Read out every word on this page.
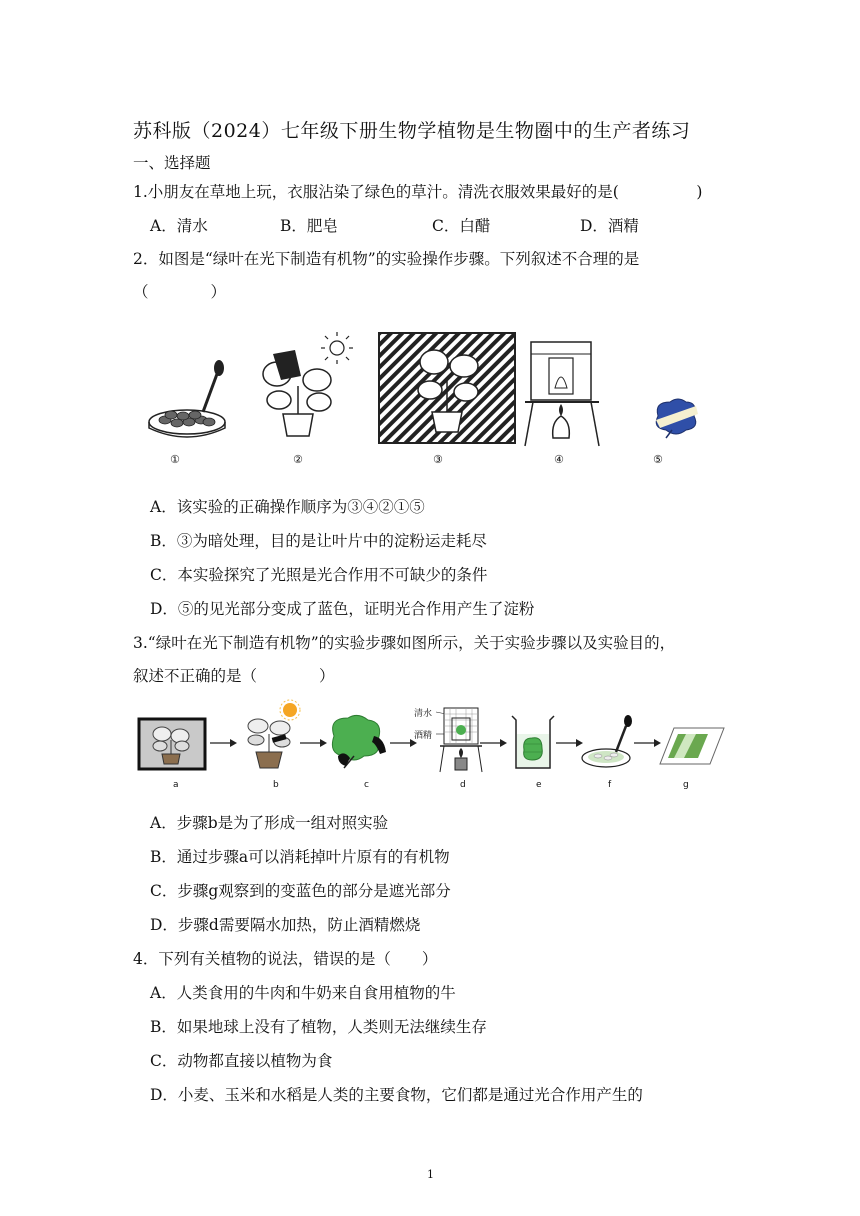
苏科版（2024）七年级下册生物学植物是生物圈中的生产者练习
一、选择题
1.小朋友在草地上玩，衣服沾染了绿色的草汁。清洗衣服效果最好的是(　　　　　)
A．清水	B．肥皂	C．白醋	D．酒精
2．如图是“绿叶在光下制造有机物”的实验操作步骤。下列叙述不合理的是
（　　　　）
①	②	③	④	⑤
A．该实验的正确操作顺序为③④②①⑤
B．③为暗处理，目的是让叶片中的淀粉运走耗尽
C．本实验探究了光照是光合作用不可缺少的条件
D．⑤的见光部分变成了蓝色，证明光合作用产生了淀粉
3.“绿叶在光下制造有机物”的实验步骤如图所示，关于实验步骤以及实验目的，
叙述不正确的是（　　　　）
a	b	c
清水
酒精
d	e	f	g
A．步骤b是为了形成一组对照实验
B．通过步骤a可以消耗掉叶片原有的有机物
C．步骤g观察到的变蓝色的部分是遮光部分
D．步骤d需要隔水加热，防止酒精燃烧
4．下列有关植物的说法，错误的是（　　）
A．人类食用的牛肉和牛奶来自食用植物的牛
B．如果地球上没有了植物，人类则无法继续生存
C．动物都直接以植物为食
D．小麦、玉米和水稻是人类的主要食物，它们都是通过光合作用产生的
1
